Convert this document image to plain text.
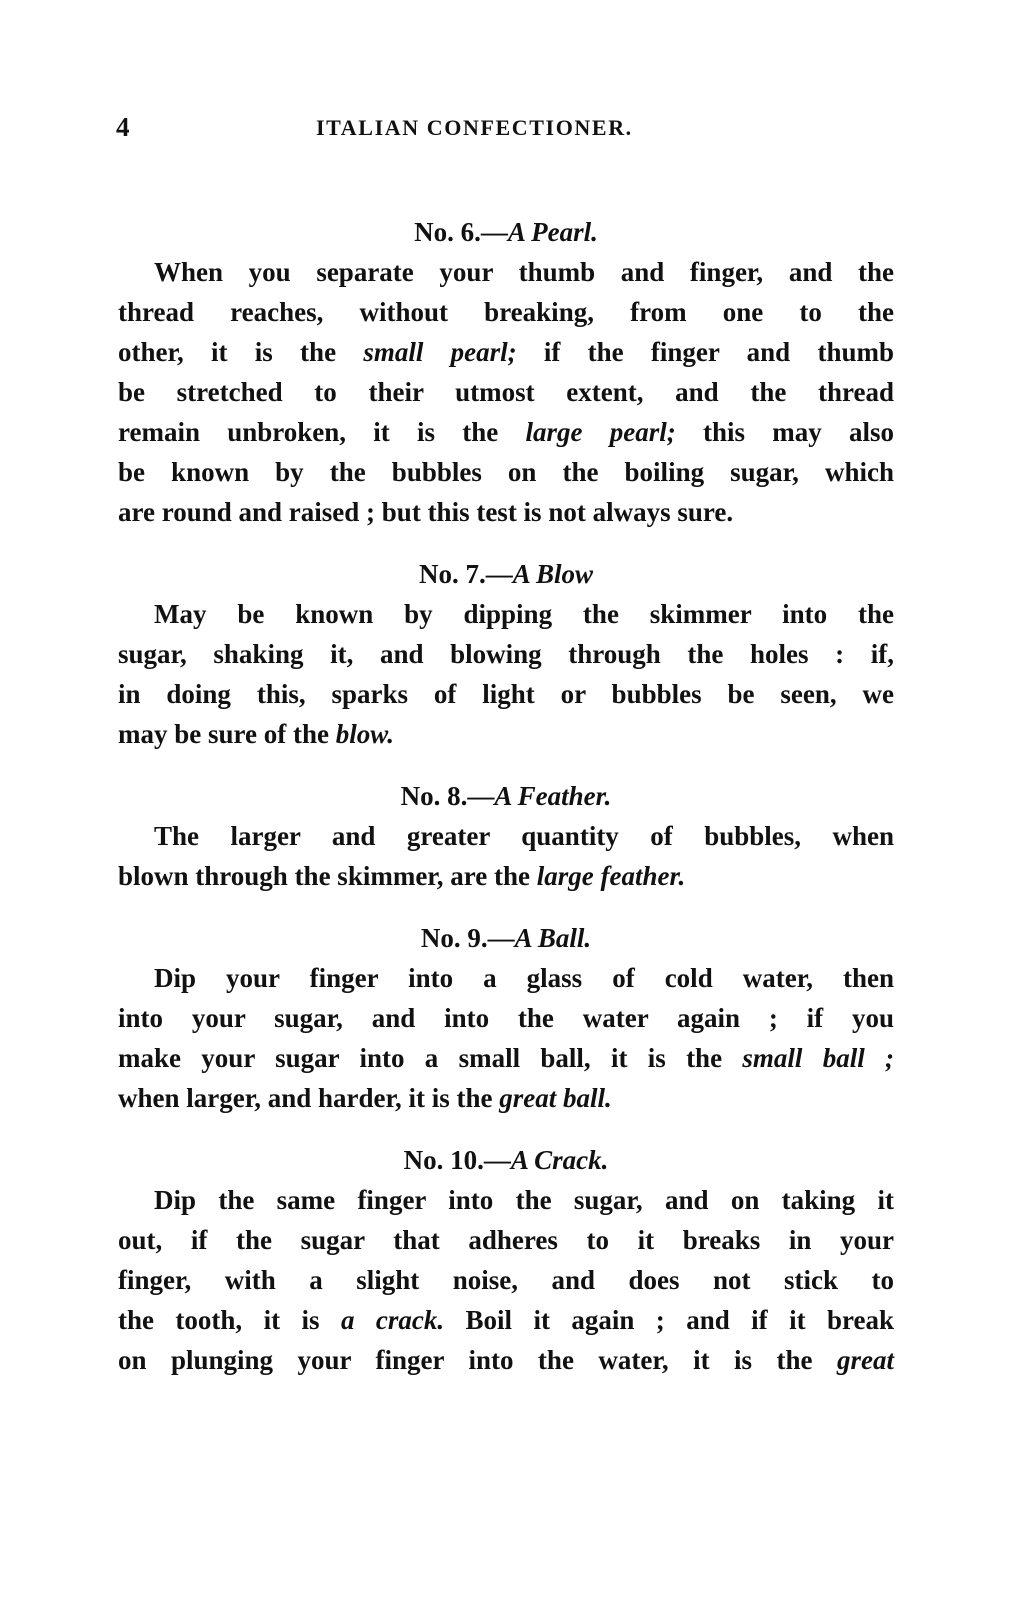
4	ITALIAN CONFECTIONER.
No. 6.—A Pearl.

When you separate your thumb and finger, and the
thread reaches, without breaking, from one to the
other, it is the small pearl; if the finger and thumb
be stretched to their utmost extent, and the thread
remain unbroken, it is the large pearl; this may also
be known by the bubbles on the boiling sugar, which
are round and raised ; but this test is not always sure.

No. 7.—A Blow

May be known by dipping the skimmer into the
sugar, shaking it, and blowing through the holes : if,
in doing this, sparks of light or bubbles be seen, we
may be sure of the blow.

No. 8.—A Feather.

The larger and greater quantity of bubbles, when
blown through the skimmer, are the large feather.

No. 9.—A Ball.

Dip your finger into a glass of cold water, then
into your sugar, and into the water again ; if you
make your sugar into a small ball, it is the small ball ;
when larger, and harder, it is the great ball.

No. 10.—A Crack.

Dip the same finger into the sugar, and on taking it
out, if the sugar that adheres to it breaks in your
finger, with a slight noise, and does not stick to
the tooth, it is a crack. Boil it again ; and if it break
on plunging your finger into the water, it is the great
